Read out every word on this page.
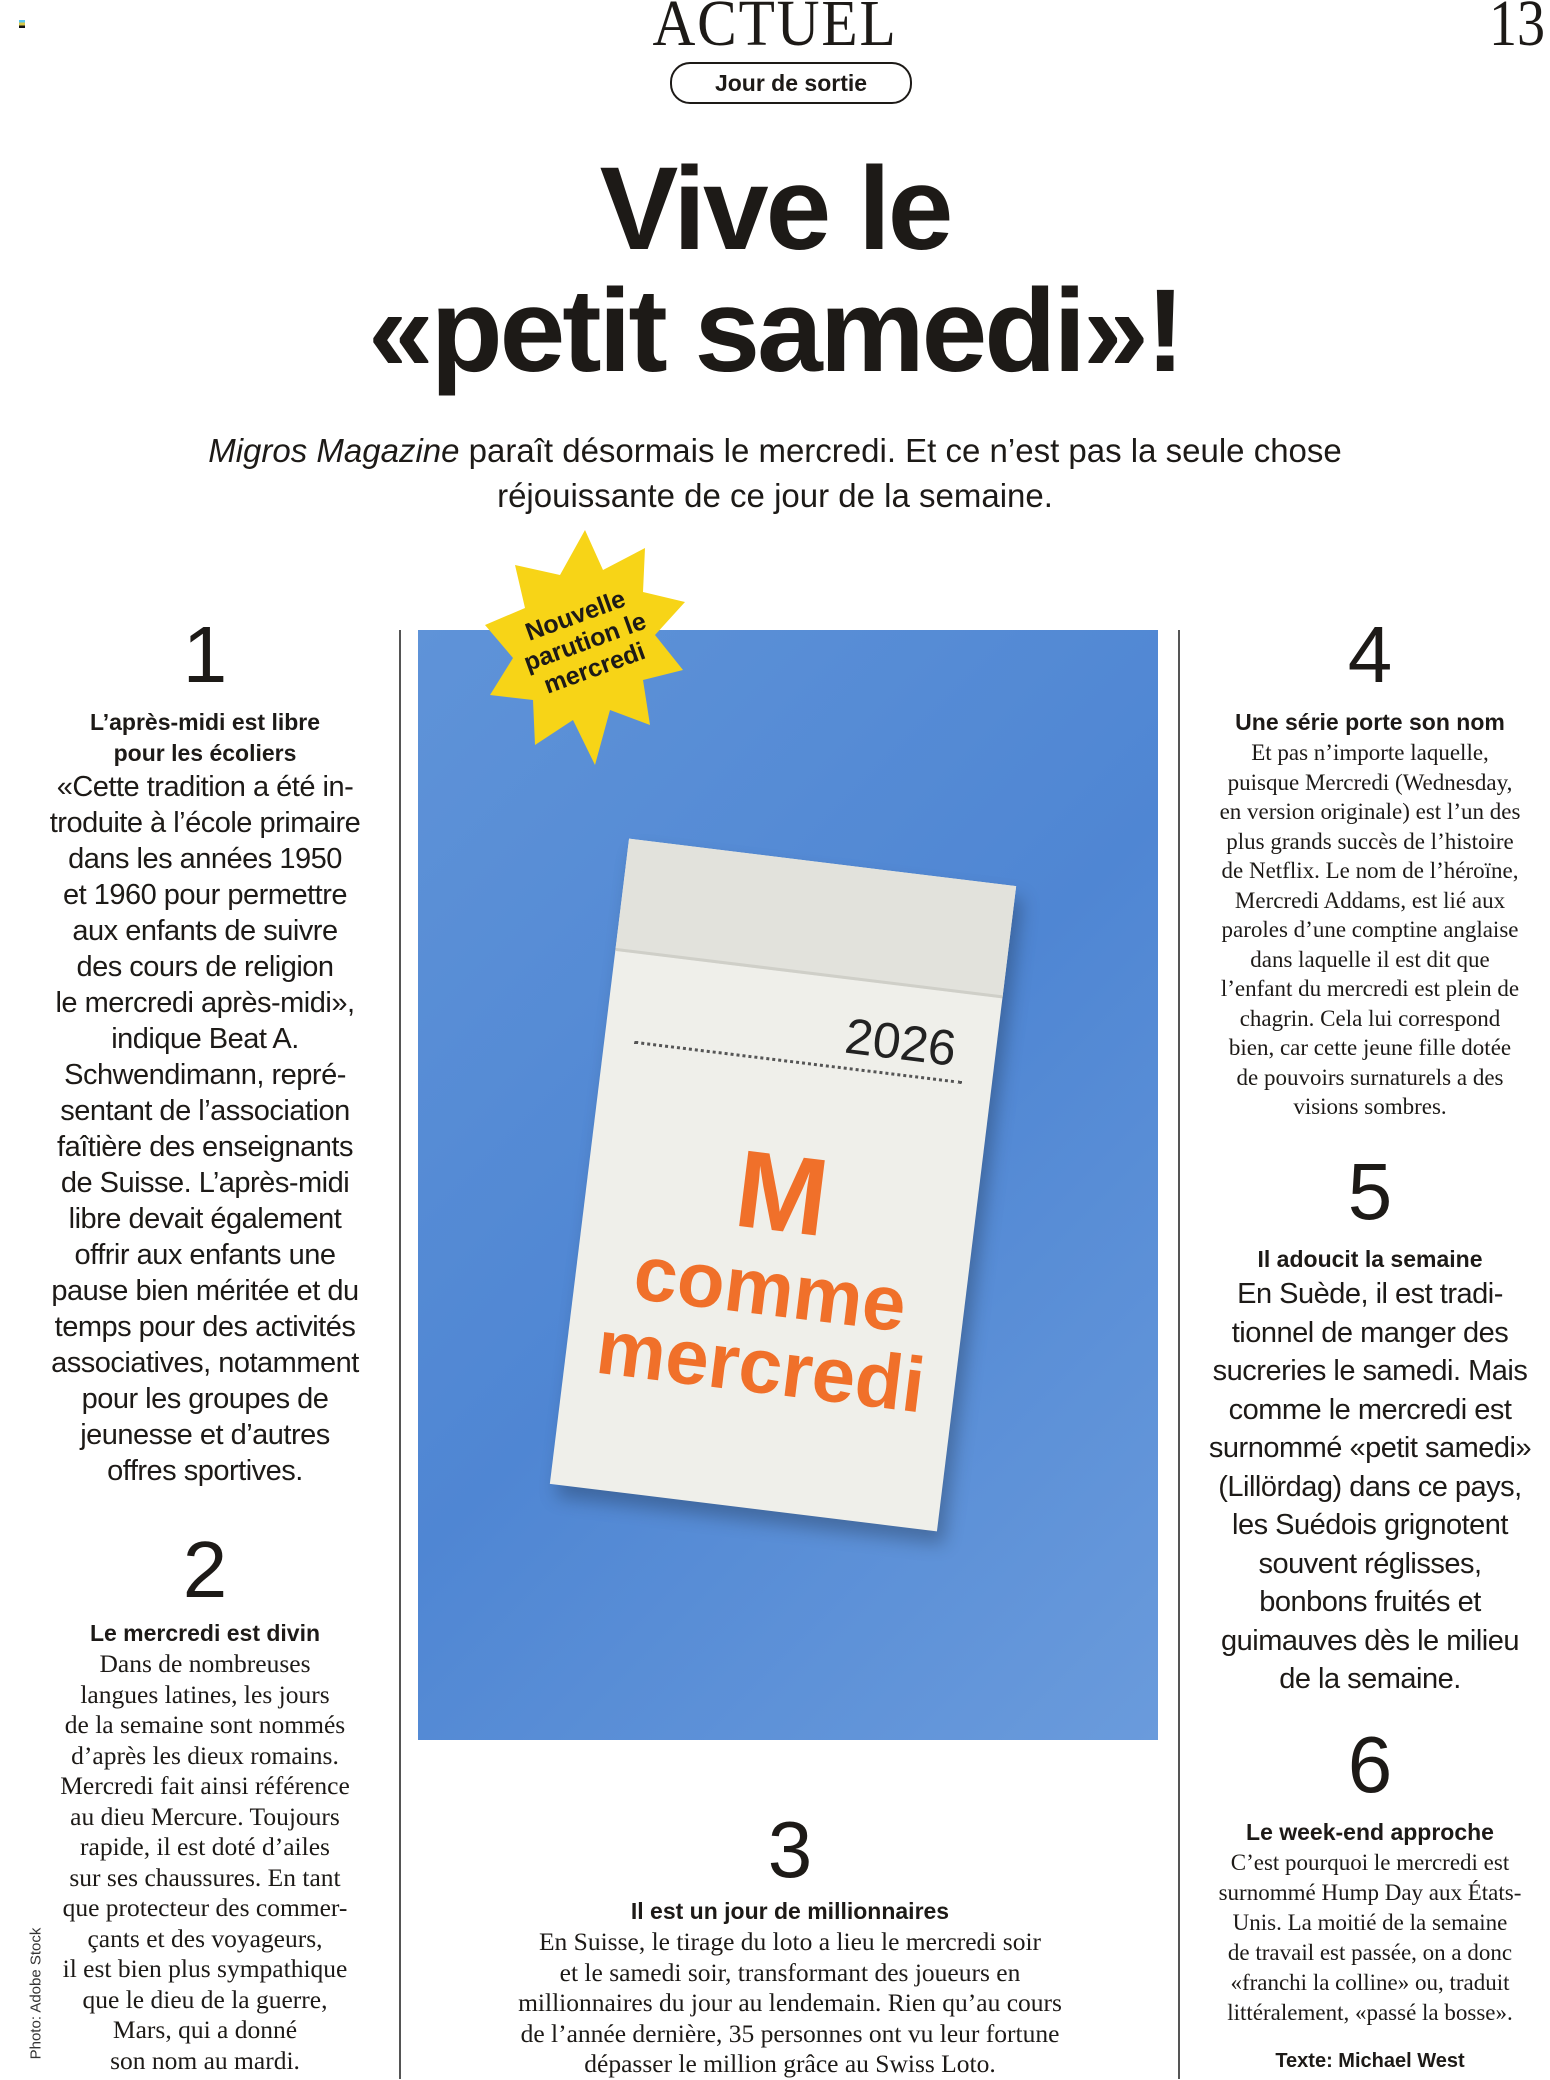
ACTUEL	13
Jour de sortie
Vive le
«petit samedi»!
Migros Magazine paraît désormais le mercredi. Et ce n’est pas la seule chose réjouissante de ce jour de la semaine.
1
L’après-midi est libre
pour les écoliers
«Cette tradition a été in-
troduite à l’école primaire
dans les années 1950
et 1960 pour permettre
aux enfants de suivre
des cours de religion
le mercredi après-midi»,
indique Beat A.
Schwendimann, repré-
sentant de l’association
faîtière des enseignants
de Suisse. L’après-midi
libre devait également
offrir aux enfants une
pause bien méritée et du
temps pour des activités
associatives, notamment
pour les groupes de
jeunesse et d’autres
offres sportives.
2
Le mercredi est divin
Dans de nombreuses
langues latines, les jours
de la semaine sont nommés
d’après les dieux romains.
Mercredi fait ainsi référence
au dieu Mercure. Toujours
rapide, il est doté d’ailes
sur ses chaussures. En tant
que protecteur des commer-
çants et des voyageurs,
il est bien plus sympathique
que le dieu de la guerre,
Mars, qui a donné
son nom au mardi.
2026
M
comme
mercredi
Nouvelle
parution le
mercredi
Photo: Adobe Stock
3
Il est un jour de millionnaires
En Suisse, le tirage du loto a lieu le mercredi soir
et le samedi soir, transformant des joueurs en
millionnaires du jour au lendemain. Rien qu’au cours
de l’année dernière, 35 personnes ont vu leur fortune
dépasser le million grâce au Swiss Loto.
4
Une série porte son nom
Et pas n’importe laquelle,
puisque Mercredi (Wednesday,
en version originale) est l’un des
plus grands succès de l’histoire
de Netflix. Le nom de l’héroïne,
Mercredi Addams, est lié aux
paroles d’une comptine anglaise
dans laquelle il est dit que
l’enfant du mercredi est plein de
chagrin. Cela lui correspond
bien, car cette jeune fille dotée
de pouvoirs surnaturels a des
visions sombres.
5
Il adoucit la semaine
En Suède, il est tradi-
tionnel de manger des
sucreries le samedi. Mais
comme le mercredi est
surnommé «petit samedi»
(Lillördag) dans ce pays,
les Suédois grignotent
souvent réglisses,
bonbons fruités et
guimauves dès le milieu
de la semaine.
6
Le week-end approche
C’est pourquoi le mercredi est
surnommé Hump Day aux États-
Unis. La moitié de la semaine
de travail est passée, on a donc
«franchi la colline» ou, traduit
littéralement, «passé la bosse».
Texte: Michael West
